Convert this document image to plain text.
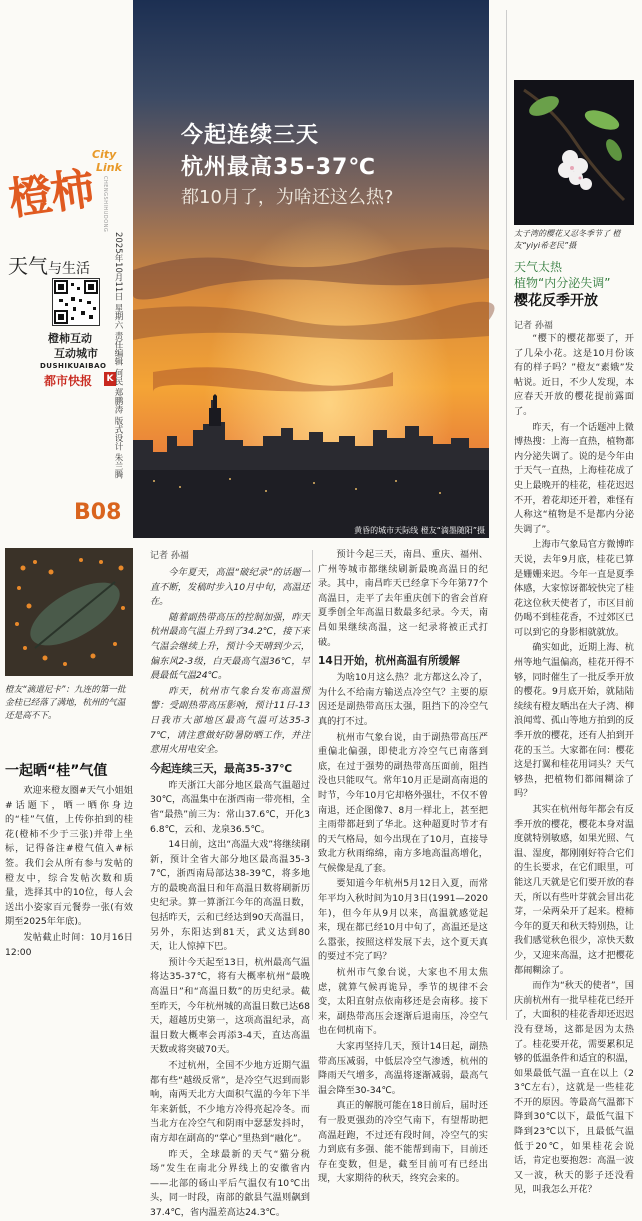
橙柿
City
Link
CHENGSHIHUDONG
天气与生活
橙柿互动
互动城市
DUSHIKUAIBAO
都市快报 K
B08
2025年10月11日 星期六 责任编辑 何民 郑鹏涛 版式设计 朱兰腾
今起连续三天
杭州最高35-37℃
都10月了，为啥还这么热?
黄昏的城市天际线 橙友“滴墨随阳”摄
太子湾的樱花又忍冬季节了 橙友“yiyi希老民”摄
天气太热
植物“内分泌失调”
樱花反季开放
记者 孙福

“樱下的樱花都要了，开了几朵小花。这是10月份该有的样子吗？”橙友“素娥”发帖说。近日，不少人发现，本应春天开放的樱花提前露面了。

昨天，有一个话题冲上微博热搜：上海一直热，植物都内分泌失调了。说的是今年由于天气一直热，上海桂花成了史上最晚开的桂花，桂花迟迟不开，着花却还开着，难怪有人称这“植物是不是都内分泌失调了”。

上海市气象局官方微博昨天说，去年9月底，桂花已算是姗姗来迟。今年一直是夏季体感，大家惊讶都较快完了桂花这位秋天使者了，市区目前仍喝不到桂花香，不过郊区已可以到它的身影相就就放。

确实如此，近期上海、杭州等地气温偏高，桂花开得不够，同时催生了一批反季开放的樱花。9月底开始，就陆陆续续有橙友晒出在大子湾、柳浪闻莺、孤山等地方拍到的反季开放的樱花，还有人拍到开花的玉兰。大家都在问：樱花这是打翼和桂花用词头？天气够热，把植物们都闹糊涂了吗？

其实在杭州每年都会有反季开放的樱花，樱花本身对温度就特别敏感，如果光照、气温、湿度，都刚刚好符合它们的生长要求，在它们眼里，可能这几天就是它们要开放的春天，所以有些叶芽就会冒出花芽，一朵两朵开了起来。橙柿今年的夏天和秋天特别热，让我们感觉秋色很少，凉快天数少，又迎来高温，这才把樱花都闹糊涂了。

而作为“秋天的使者”，国庆前杭州有一批早桂花已经开了，大面积的桂花香却还迟迟没有登场，这都是因为太热了。桂花要开花，需要累积足够的低温条件和适宜的积温，如果最低气温一直在以上（23℃左右），这就是一些桂花不开的原因。等最高气温都下降到30℃以下，最低气温下降到23℃以下，且最低气温低于20℃，如果桂花会说话，肯定也要抱怨：高温一波又一波，秋天的影子还没看见，叫我怎么开花？

橙友“滴道尼卡”：九连的第一批金桂已经落了满地，杭州的气温还是高不下。
一起晒“桂”气值

欢迎来橙友圈#天气小姐姐#话题下，晒一晒你身边的“桂”气值，上传你拍到的桂花(橙柿不少于三张)并带上坐标，记得备注#橙气值入#标签。我们会从所有参与发帖的橙友中，综合发帖次数和质量，选择其中的10位，每人会送出小姿家百元餐券一张(有效期至2025年年底)。

发帖截止时间：10月16日 12:00

记者 孙福

今年夏天，高温“破纪录”的话题一直不断，发稿时步入10月中旬，高温还在。

随着副热带高压的控制加强，昨天杭州最高气温上升到了34.2℃，接下来气温会继续上升，预计今天晴到少云，偏东风2-3级，白天最高气温36℃，早晨最低气温24℃。

昨天，杭州市气象台发布高温预警：受副热带高压影响，预计11日-13日我市大部地区最高气温可达35-37℃，请注意做好防暑防晒工作，并注意用火用电安全。

今起连续三天，最高35-37℃

昨天浙江大部分地区最高气温超过30℃，高温集中在浙西南一带亮相，全省“最热”前三为：常山37.6℃，开化36.8℃，云和、龙泉36.5℃。

14日前，这出“高温大戏”将继续刷新，预计全省大部分地区最高温35-37℃，浙西南局部达38-39℃，将多地方的最晚高温日和年高温日数将刷新历史纪录。算一算浙江今年的高温日数，包括昨天，云和已经达到90天高温日，另外，东阳达到81天，武义达到80天，让人惊掉下巴。

预计今天起至13日，杭州最高气温将达35-37℃，将有大概率杭州“最晚高温日”和“高温日数”的历史纪录。截至昨天，今年杭州城的高温日数已达68天，超越历史第一，这项高温纪录，高温日数大概率会再添3-4天，直达高温天数或将突破70天。

不过杭州，全国不少地方近期气温都有些“越级反常”，是冷空气迟到而影响，南两天北方大面积气温的今年下半年来新低，不少地方冷得亮起冷冬。而当北方在冷空气和阴雨中瑟瑟发抖时，南方却在副高的“掌心”里热到“融化”。

昨天，全球最新的天气“猫分税场”发生在南北分界线上的安徽省内——北部的砀山平后气温仅有10℃出头，同一时段，南部的歙县气温则飙到37.4℃，省内温差高达24.3℃。

预计今起三天，南昌、重庆、福州、广州等城市都继续刷新最晚高温日的纪录。其中，南昌昨天已经拿下今年第77个高温日，走平了去年重庆创下的省会首府夏季创全年高温日数最多纪录。今天，南昌如果继续高温，这一纪录将被正式打破。

14日开始，杭州高温有所缓解

为啥10月这么热？北方都这么冷了，为什么不给南方输送点冷空气？主要的原因还是副热带高压太强，阻挡下的冷空气真的打不过。

杭州市气象台说，由于副热带高压严重偏北偏强，即使北方冷空气已南落到底，在过于强势的副热带高压面前，阻挡没也只能叹气。常年10月正是副高南退的时节，今年10月它却格外强壮，不仅不曾南退，还企图像7、8月一样北上，甚至把主雨带都赶到了华北。这种超夏时节才有的天气格局，如今出现在了10月，直接导致北方秋雨绵绵，南方多地高温高增化，气候像是乱了套。

要知道今年杭州5月12日入夏，而常年平均入秋时间为10月3日(1991—2020年)，但今年从9月以来，高温就感觉起来，现在都已经10月中旬了，高温还是这么嚣张，按照这样发展下去，这个夏天真的要过不完了吗？

杭州市气象台说，大家也不用太焦虑，就算气候再诡异，季节的规律不会变，太阳直射点依南移还是会南移。接下来，副热带高压会逐渐后退南压，冷空气也在伺机南下。

大家再坚持几天，预计14日起，副热带高压减弱，中低层冷空气渗透，杭州的降雨天气增多，高温将逐渐减弱，最高气温会降至30-34℃。

真正的解脱可能在18日前后，届时还有一股更强劲的冷空气南下，有望帮助把高温赶跑，不过还有段时间，冷空气的实力到底有多强、能不能帮到南下，目前还存在变数，但是，截至目前可有已经出现，大家期待的秋天，终究会来的。
